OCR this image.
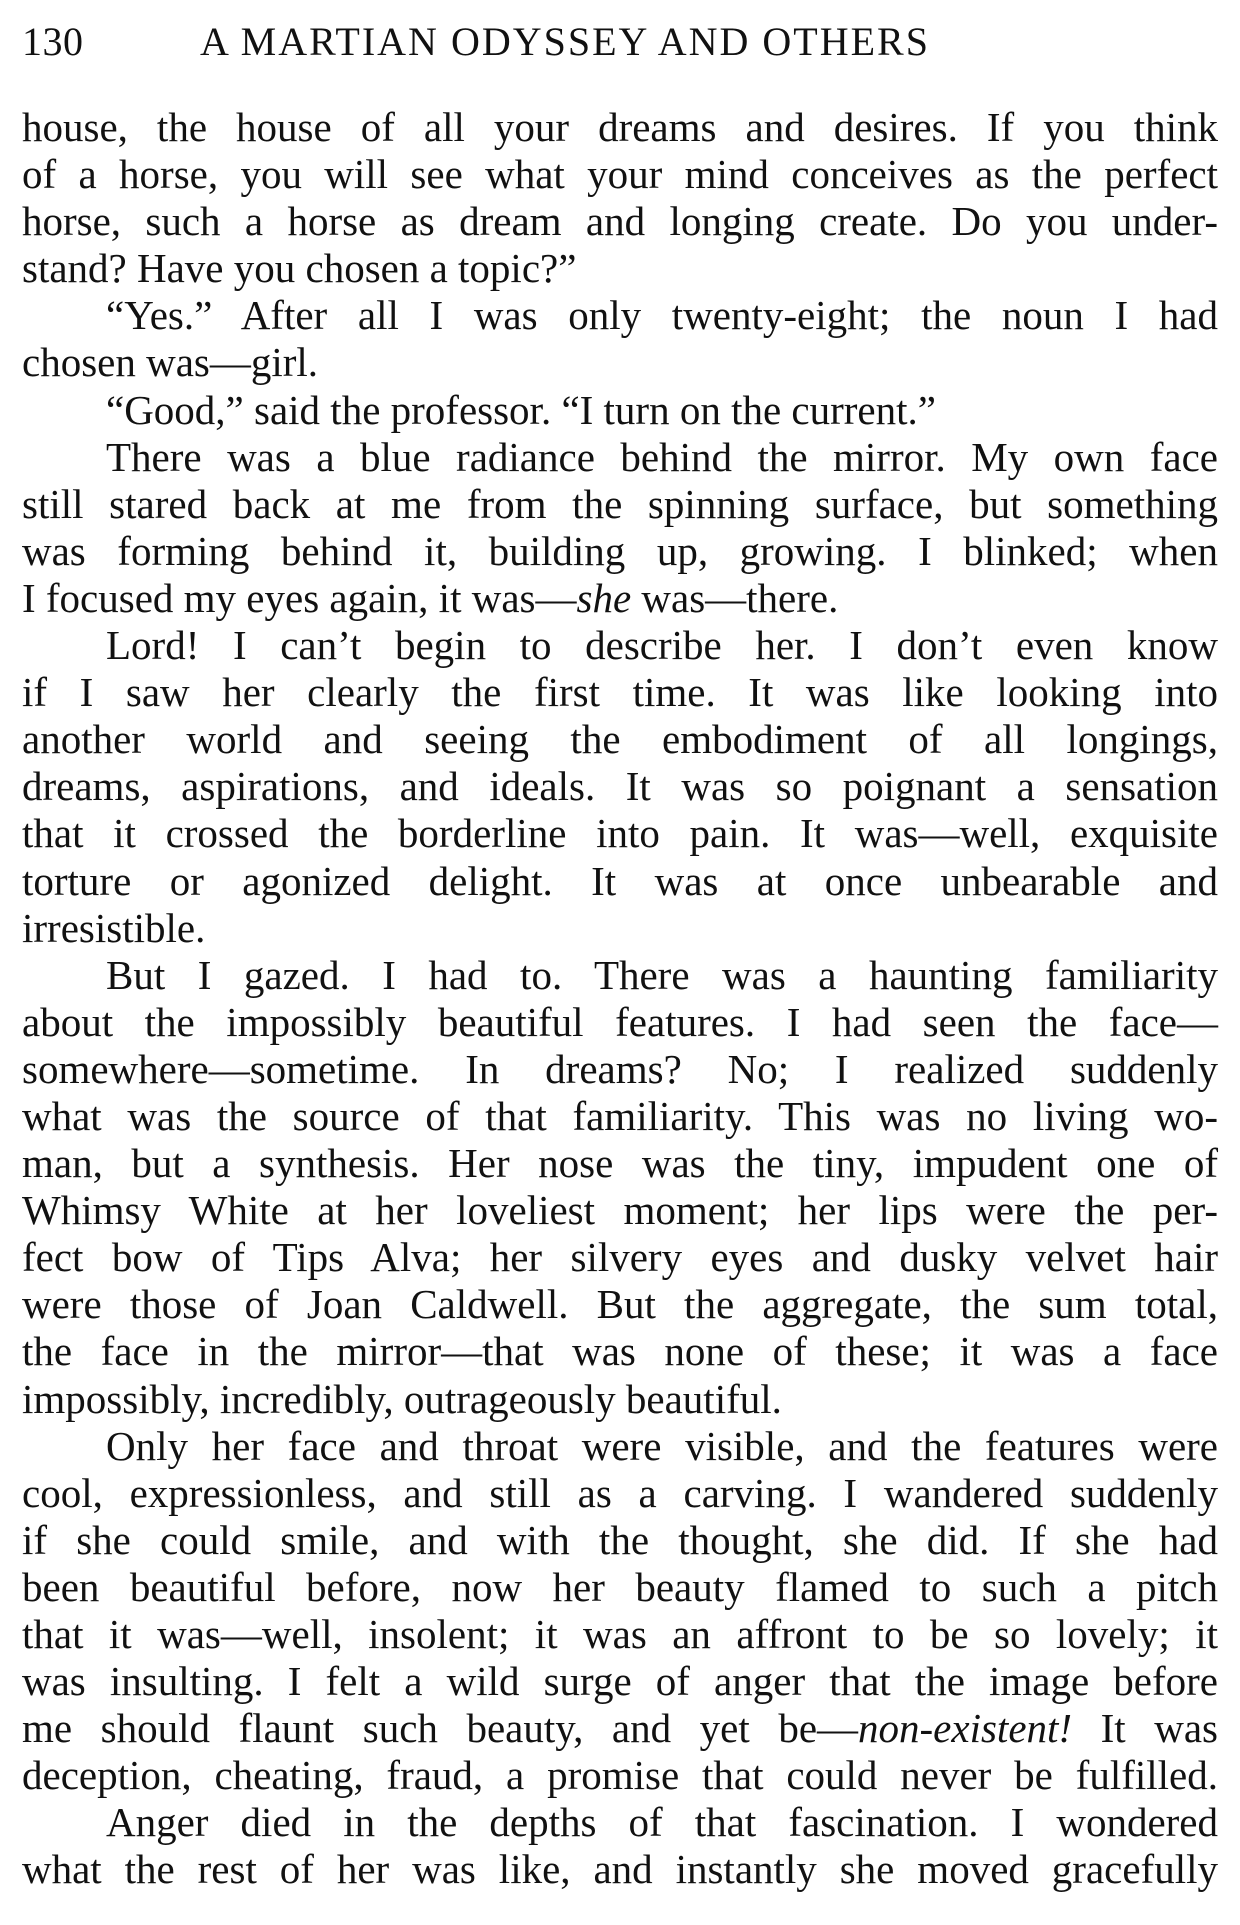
130	A MARTIAN ODYSSEY AND OTHERS
house, the house of all your dreams and desires. If you think
of a horse, you will see what your mind conceives as the perfect
horse, such a horse as dream and longing create. Do you under-
stand? Have you chosen a topic?”
“Yes.” After all I was only twenty-eight; the noun I had
chosen was—girl.
“Good,” said the professor. “I turn on the current.”
There was a blue radiance behind the mirror. My own face
still stared back at me from the spinning surface, but something
was forming behind it, building up, growing. I blinked; when
I focused my eyes again, it was—she was—there.
Lord! I can’t begin to describe her. I don’t even know
if I saw her clearly the first time. It was like looking into
another world and seeing the embodiment of all longings,
dreams, aspirations, and ideals. It was so poignant a sensation
that it crossed the borderline into pain. It was—well, exquisite
torture or agonized delight. It was at once unbearable and
irresistible.
But I gazed. I had to. There was a haunting familiarity
about the impossibly beautiful features. I had seen the face—
somewhere—sometime. In dreams? No; I realized suddenly
what was the source of that familiarity. This was no living wo-
man, but a synthesis. Her nose was the tiny, impudent one of
Whimsy White at her loveliest moment; her lips were the per-
fect bow of Tips Alva; her silvery eyes and dusky velvet hair
were those of Joan Caldwell. But the aggregate, the sum total,
the face in the mirror—that was none of these; it was a face
impossibly, incredibly, outrageously beautiful.
Only her face and throat were visible, and the features were
cool, expressionless, and still as a carving. I wandered suddenly
if she could smile, and with the thought, she did. If she had
been beautiful before, now her beauty flamed to such a pitch
that it was—well, insolent; it was an affront to be so lovely; it
was insulting. I felt a wild surge of anger that the image before
me should flaunt such beauty, and yet be—non-existent! It was
deception, cheating, fraud, a promise that could never be fulfilled.
Anger died in the depths of that fascination. I wondered
what the rest of her was like, and instantly she moved gracefully
